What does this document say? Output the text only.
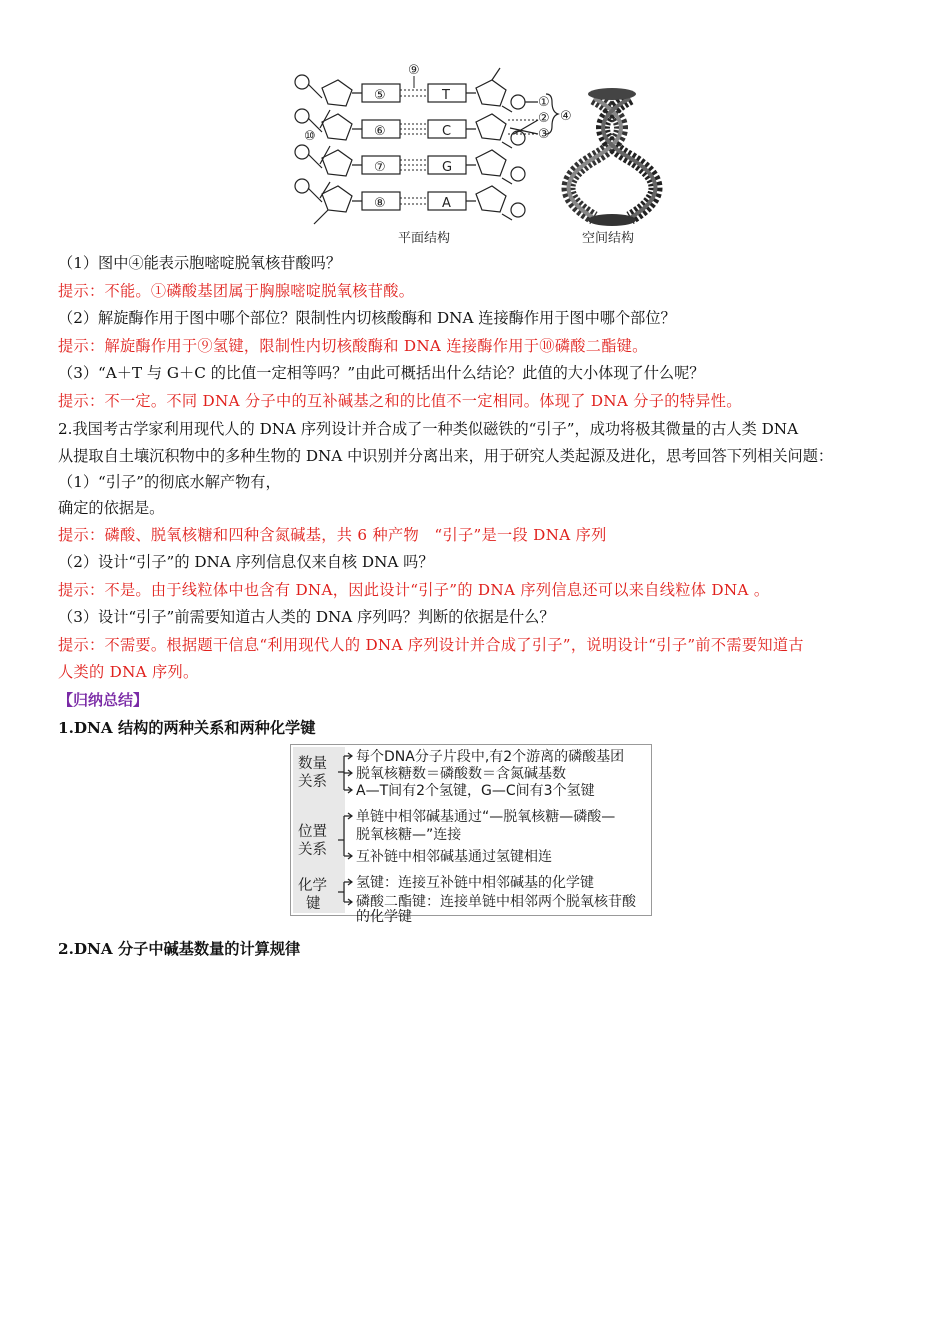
⑤
⑥
⑦
⑧
T
C
G
A
⑨
⑩
①
②
③
④
平面结构	空间结构
（1）图中④能表示胞嘧啶脱氧核苷酸吗？
提示：不能。①磷酸基团属于胸腺嘧啶脱氧核苷酸。
（2）解旋酶作用于图中哪个部位？限制性内切核酸酶和 DNA 连接酶作用于图中哪个部位？
提示：解旋酶作用于⑨氢键，限制性内切核酸酶和 DNA 连接酶作用于⑩磷酸二酯键。
（3）“A＋T 与 G＋C 的比值一定相等吗？”由此可概括出什么结论？此值的大小体现了什么呢？
提示：不一定。不同 DNA 分子中的互补碱基之和的比值不一定相同。体现了 DNA 分子的特异性。
2.我国考古学家利用现代人的 DNA 序列设计并合成了一种类似磁铁的“引子”，成功将极其微量的古人类 DNA
从提取自土壤沉积物中的多种生物的 DNA 中识别并分离出来，用于研究人类起源及进化，思考回答下列相关问题：
（1）“引子”的彻底水解产物有，
确定的依据是。
提示：磷酸、脱氧核糖和四种含氮碱基，共 6 种产物　“引子”是一段 DNA 序列
（2）设计“引子”的 DNA 序列信息仅来自核 DNA 吗？
提示：不是。由于线粒体中也含有 DNA，因此设计“引子”的 DNA 序列信息还可以来自线粒体 DNA 。
（3）设计“引子”前需要知道古人类的 DNA 序列吗？判断的依据是什么？
提示：不需要。根据题干信息“利用现代人的 DNA 序列设计并合成了引子”，说明设计“引子”前不需要知道古
人类的 DNA 序列。
【归纳总结】
1.DNA 结构的两种关系和两种化学键
数量
关系
位置
关系
化学
键
每个DNA分子片段中,有2个游离的磷酸基团
脱氧核糖数＝磷酸数＝含氮碱基数
A—T间有2个氢键，G—C间有3个氢键
单链中相邻碱基通过“—脱氧核糖—磷酸—
脱氧核糖—”连接
互补链中相邻碱基通过氢键相连
氢键：连接互补链中相邻碱基的化学键
磷酸二酯键：连接单链中相邻两个脱氧核苷酸
的化学键
2.DNA 分子中碱基数量的计算规律
